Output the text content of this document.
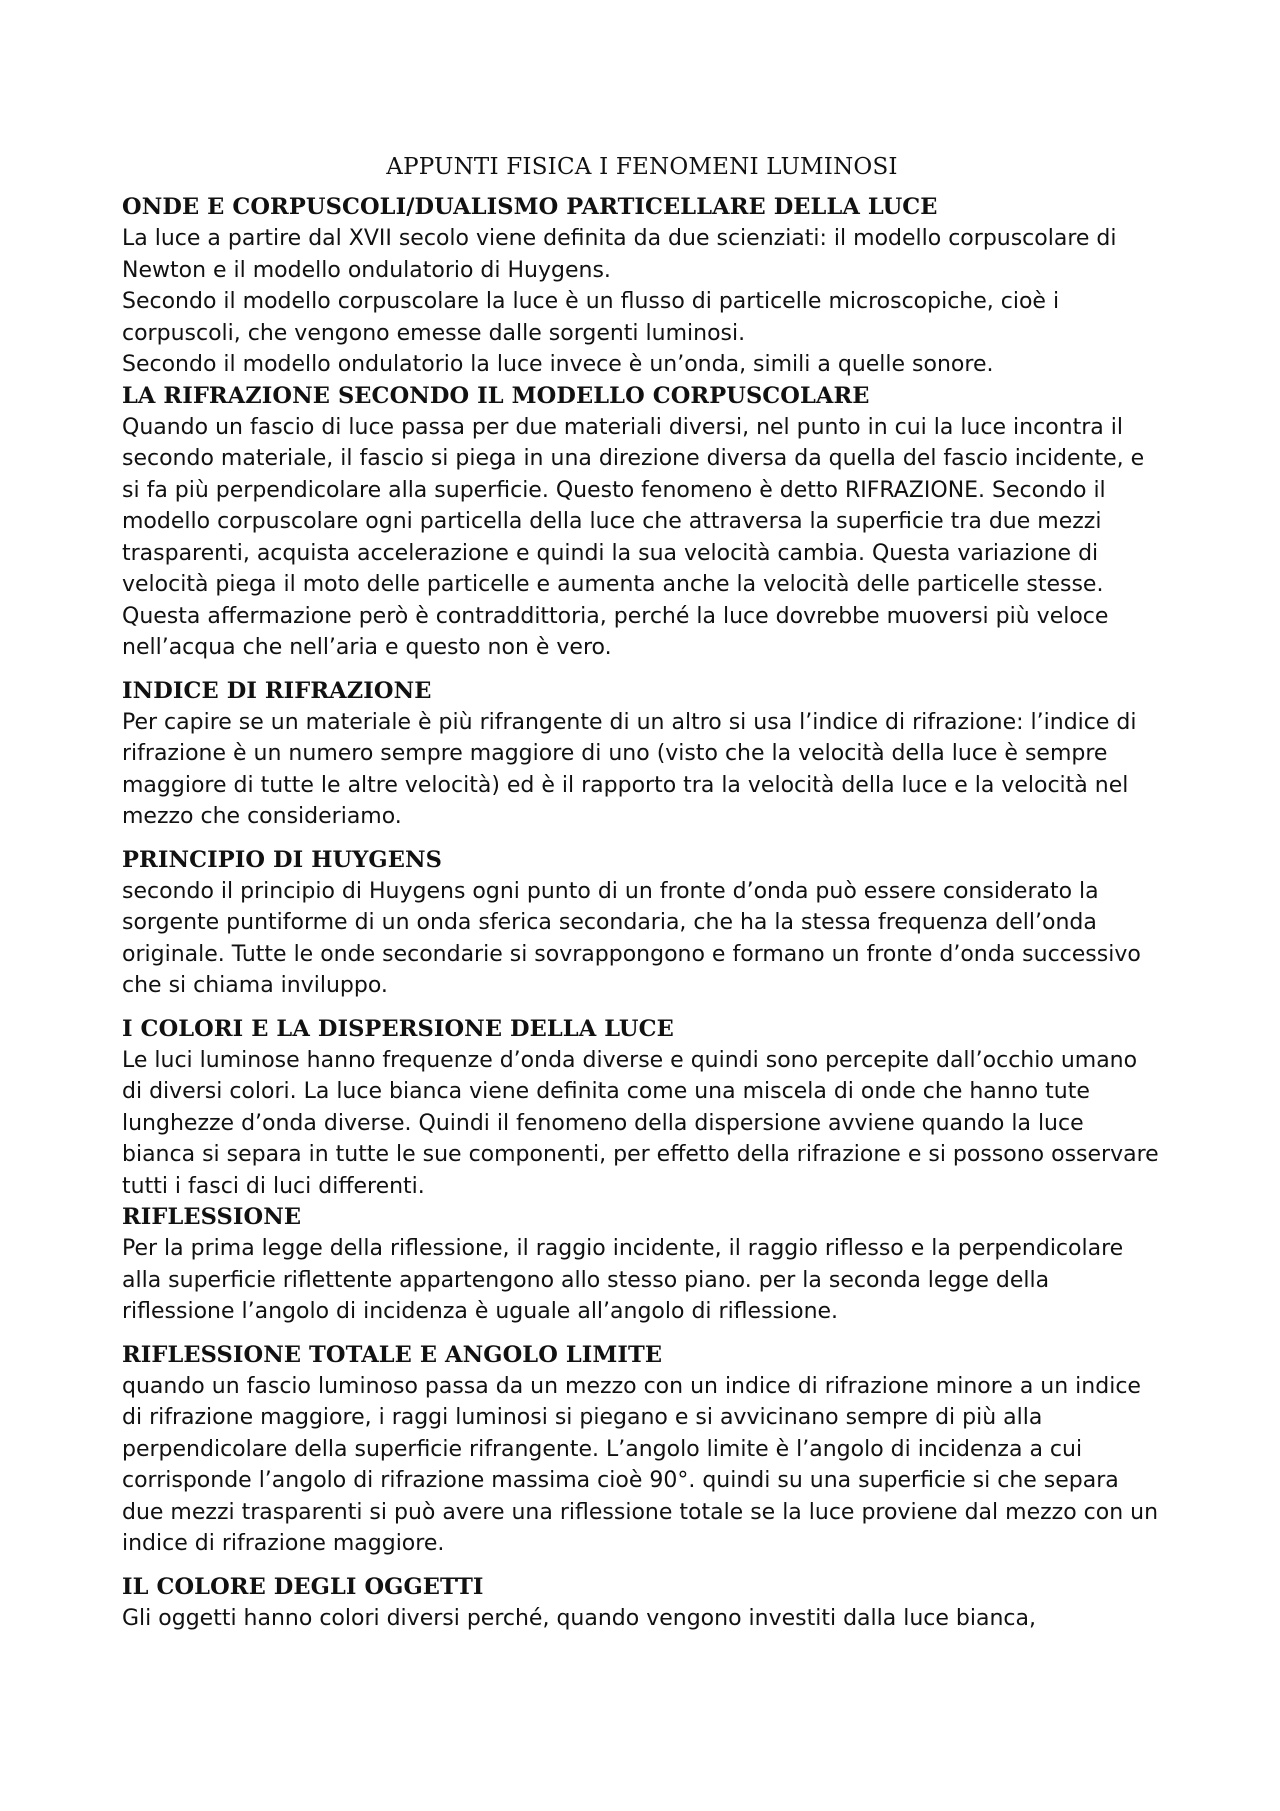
APPUNTI FISICA I FENOMENI LUMINOSI
ONDE E CORPUSCOLI/DUALISMO PARTICELLARE DELLA LUCE

La luce a partire dal XVII secolo viene definita da due scienziati: il modello corpuscolare di Newton e il modello ondulatorio di Huygens.
Secondo il modello corpuscolare la luce è un flusso di particelle microscopiche, cioè i corpuscoli, che vengono emesse dalle sorgenti luminosi.
Secondo il modello ondulatorio la luce invece è un’onda, simili a quelle sonore.

LA RIFRAZIONE SECONDO IL MODELLO CORPUSCOLARE

Quando un fascio di luce passa per due materiali diversi, nel punto in cui la luce incontra il secondo materiale, il fascio si piega in una direzione diversa da quella del fascio incidente, e si fa più perpendicolare alla superficie. Questo fenomeno è detto RIFRAZIONE. Secondo il modello corpuscolare ogni particella della luce che attraversa la superficie tra due mezzi trasparenti, acquista accelerazione e quindi la sua velocità cambia. Questa variazione di velocità piega il moto delle particelle e aumenta anche la velocità delle particelle stesse. Questa affermazione però è contraddittoria, perché la luce dovrebbe muoversi più veloce nell’acqua che nell’aria e questo non è vero.

INDICE DI RIFRAZIONE

Per capire se un materiale è più rifrangente di un altro si usa l’indice di rifrazione: l’indice di rifrazione è un numero sempre maggiore di uno (visto che la velocità della luce è sempre maggiore di tutte le altre velocità) ed è il rapporto tra la velocità della luce e la velocità nel mezzo che consideriamo.

PRINCIPIO DI HUYGENS

secondo il principio di Huygens ogni punto di un fronte d’onda può essere considerato la sorgente puntiforme di un onda sferica secondaria, che ha la stessa frequenza dell’onda originale. Tutte le onde secondarie si sovrappongono e formano un fronte d’onda successivo che si chiama inviluppo.

I COLORI E LA DISPERSIONE DELLA LUCE

Le luci luminose hanno frequenze d’onda diverse e quindi sono percepite dall’occhio umano di diversi colori. La luce bianca viene definita come una miscela di onde che hanno tute lunghezze d’onda diverse. Quindi il fenomeno della dispersione avviene quando la luce bianca si separa in tutte le sue componenti, per effetto della rifrazione e si possono osservare tutti i fasci di luci differenti.

RIFLESSIONE

Per la prima legge della riflessione, il raggio incidente, il raggio riflesso e la perpendicolare alla superficie riflettente appartengono allo stesso piano. per la seconda legge della riflessione l’angolo di incidenza è uguale all’angolo di riflessione.

RIFLESSIONE TOTALE E ANGOLO LIMITE

quando un fascio luminoso passa da un mezzo con un indice di rifrazione minore a un indice di rifrazione maggiore, i raggi luminosi si piegano e si avvicinano sempre di più alla perpendicolare della superficie rifrangente. L’angolo limite è l’angolo di incidenza a cui corrisponde l’angolo di rifrazione massima cioè 90°. quindi su una superficie si che separa due mezzi trasparenti si può avere una riflessione totale se la luce proviene dal mezzo con un indice di rifrazione maggiore.

IL COLORE DEGLI OGGETTI

Gli oggetti hanno colori diversi perché, quando vengono investiti dalla luce bianca,
